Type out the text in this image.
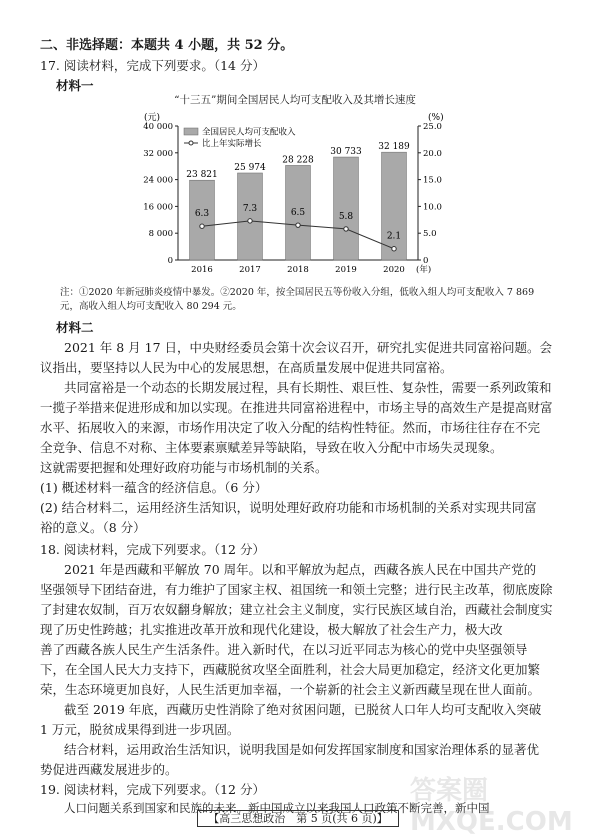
二、非选择题：本题共 4 小题，共 52 分。
17. 阅读材料，完成下列要求。（14 分）
材料一
“十三五”期间全国居民人均可支配收入及其增长速度
(元)	(%)
0
8 000
16 000
24 000
32 000
40 000
0
5.0
10.0
15.0
20.0
25.0
23 821
25 974
28 228
30 733 32 189
2016	2017	2018	2019	2020 (年)
6.3
7.3	6.5	5.8
2.1
全国居民人均可支配收入
比上年实际增长
注：①2020 年新冠肺炎疫情中暴发。②2020 年，按全国居民五等份收入分组，低收入组人均可支配收入 7 869
元，高收入组人均可支配收入 80 294 元。
材料二
2021 年 8 月 17 日，中央财经委员会第十次会议召开，研究扎实促进共同富裕问题。会
议指出，要坚持以人民为中心的发展思想，在高质量发展中促进共同富裕。
共同富裕是一个动态的长期发展过程，具有长期性、艰巨性、复杂性，需要一系列政策和
一揽子举措来促进形成和加以实现。在推进共同富裕进程中，市场主导的高效生产是提高财富
水平、拓展收入的来源，市场作用决定了收入分配的结构性特征。然而，市场往往存在不完
全竞争、信息不对称、主体要素禀赋差异等缺陷，导致在收入分配中市场失灵现象。
这就需要把握和处理好政府功能与市场机制的关系。
(1) 概述材料一蕴含的经济信息。（6 分）
(2) 结合材料二，运用经济生活知识，说明处理好政府功能和市场机制的关系对实现共同富
裕的意义。（8 分）
18. 阅读材料，完成下列要求。（12 分）
2021 年是西藏和平解放 70 周年。以和平解放为起点，西藏各族人民在中国共产党的
坚强领导下团结奋进，有力维护了国家主权、祖国统一和领土完整；进行民主改革，彻底废除
了封建农奴制，百万农奴翻身解放；建立社会主义制度，实行民族区域自治，西藏社会制度实
现了历史性跨越；扎实推进改革开放和现代化建设，极大解放了社会生产力，极大改
善了西藏各族人民生产生活条件。进入新时代，在以习近平同志为核心的党中央坚强领导
下，在全国人民大力支持下，西藏脱贫攻坚全面胜利，社会大局更加稳定，经济文化更加繁
荣，生态环境更加良好，人民生活更加幸福，一个崭新的社会主义新西藏呈现在世人面前。
截至 2019 年底，西藏历史性消除了绝对贫困问题，已脱贫人口年人均可支配收入突破
1 万元，脱贫成果得到进一步巩固。
结合材料，运用政治生活知识，说明我国是如何发挥国家制度和国家治理体系的显著优
势促进西藏发展进步的。
19. 阅读材料，完成下列要求。（12 分）
人口问题关系到国家和民族的未来。新中国成立以来我国人口政策不断完善，新中国
答案圈 MXQE.COM
【高三思想政治　第 5 页(共 6 页)】
